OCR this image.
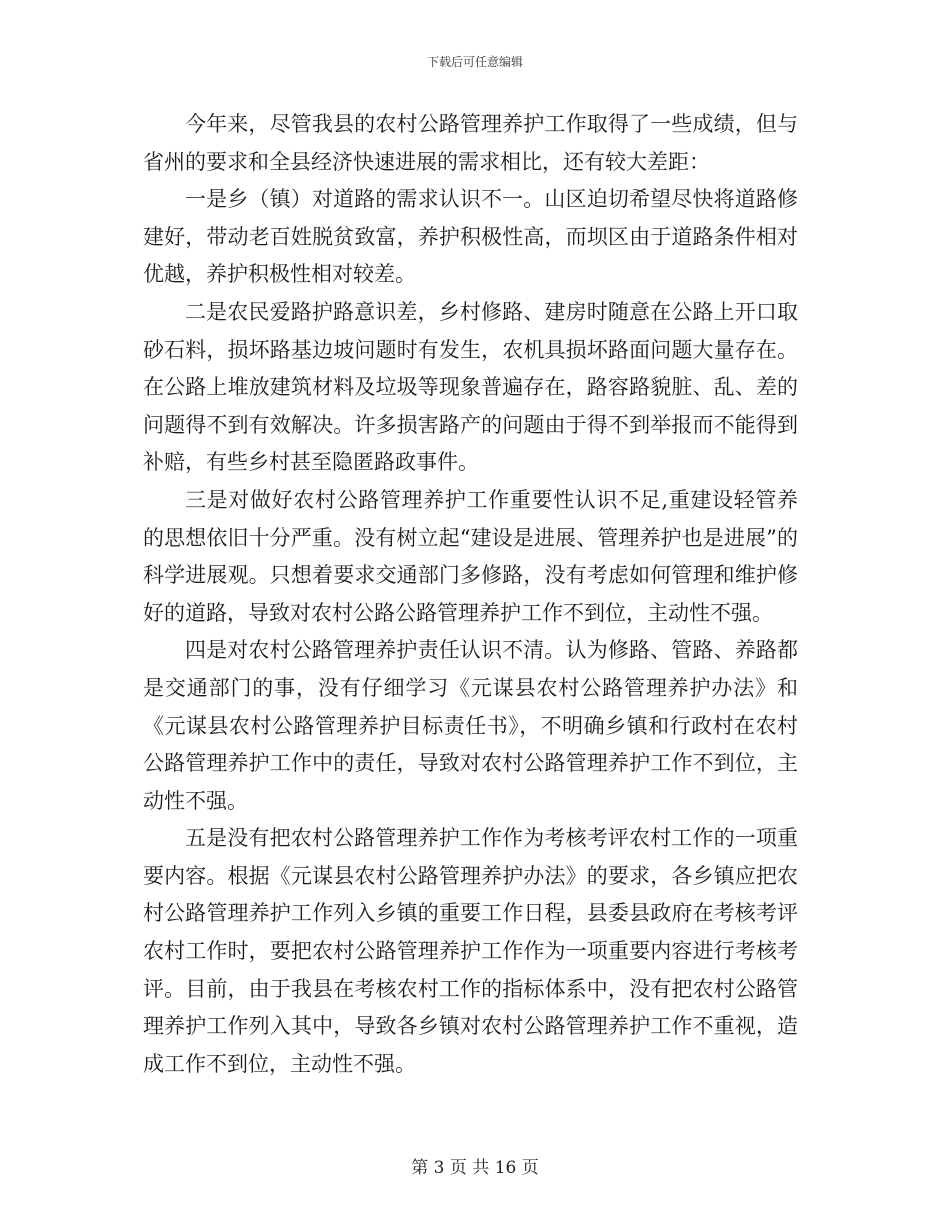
下载后可任意编辑

今年来，尽管我县的农村公路管理养护工作取得了一些成绩，但与省州的要求和全县经济快速进展的需求相比，还有较大差距：

一是乡（镇）对道路的需求认识不一。山区迫切希望尽快将道路修建好，带动老百姓脱贫致富，养护积极性高，而坝区由于道路条件相对优越，养护积极性相对较差。

二是农民爱路护路意识差，乡村修路、建房时随意在公路上开口取砂石料，损坏路基边坡问题时有发生，农机具损坏路面问题大量存在。在公路上堆放建筑材料及垃圾等现象普遍存在，路容路貌脏、乱、差的问题得不到有效解决。许多损害路产的问题由于得不到举报而不能得到补赔，有些乡村甚至隐匿路政事件。

三是对做好农村公路管理养护工作重要性认识不足,重建设轻管养的思想依旧十分严重。没有树立起“建设是进展、管理养护也是进展”的科学进展观。只想着要求交通部门多修路，没有考虑如何管理和维护修好的道路，导致对农村公路公路管理养护工作不到位，主动性不强。

四是对农村公路管理养护责任认识不清。认为修路、管路、养路都是交通部门的事，没有仔细学习《元谋县农村公路管理养护办法》和《元谋县农村公路管理养护目标责任书》，不明确乡镇和行政村在农村公路管理养护工作中的责任，导致对农村公路管理养护工作不到位，主动性不强。

五是没有把农村公路管理养护工作作为考核考评农村工作的一项重要内容。根据《元谋县农村公路管理养护办法》的要求，各乡镇应把农村公路管理养护工作列入乡镇的重要工作日程，县委县政府在考核考评农村工作时，要把农村公路管理养护工作作为一项重要内容进行考核考评。目前，由于我县在考核农村工作的指标体系中，没有把农村公路管理养护工作列入其中，导致各乡镇对农村公路管理养护工作不重视，造成工作不到位，主动性不强。

第 3 页 共 16 页
